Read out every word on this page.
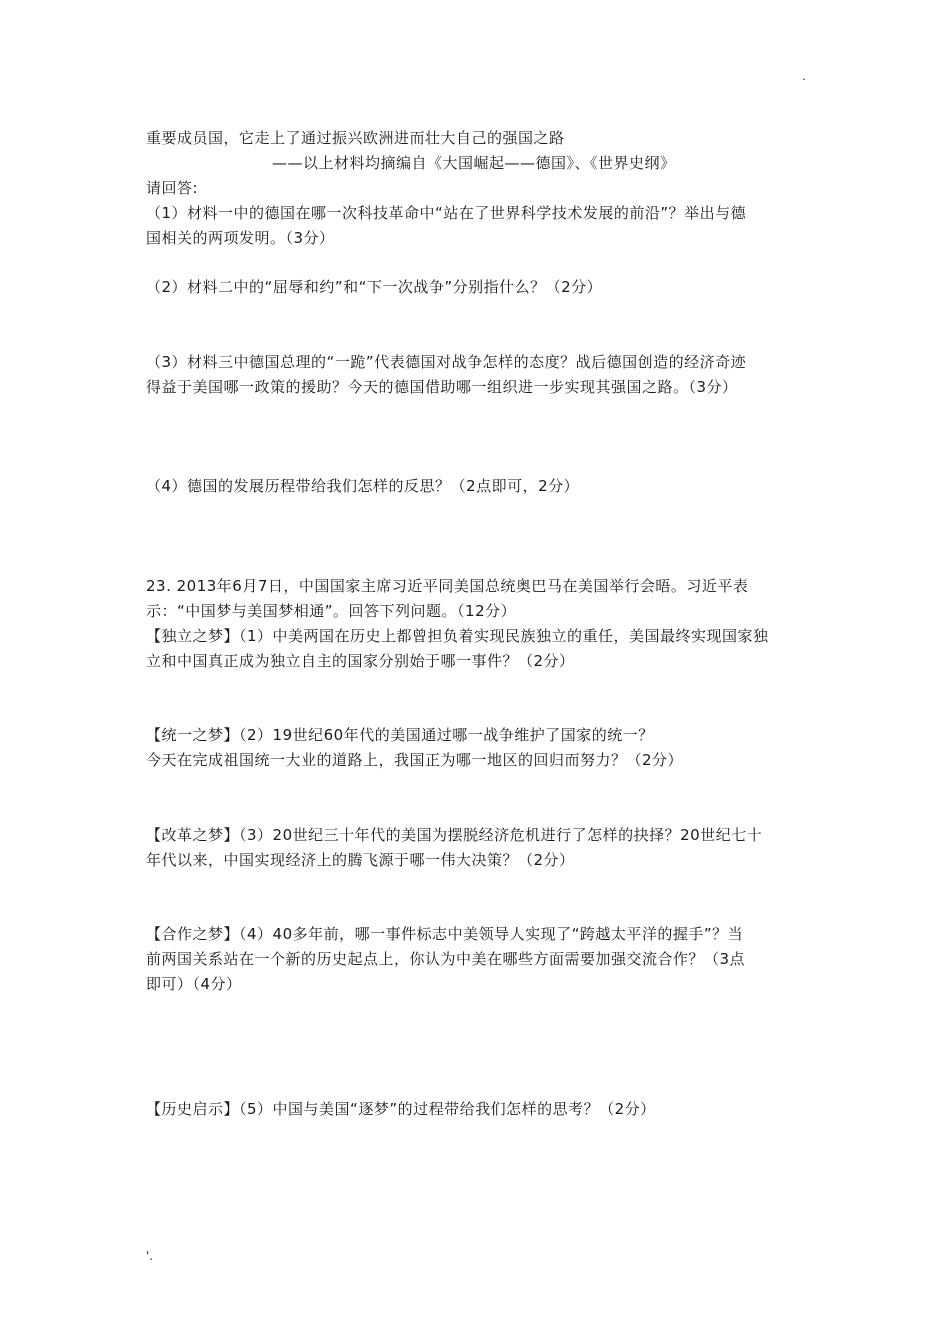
.
重要成员国，它走上了通过振兴欧洲进而壮大自己的强国之路
——以上材料均摘编自《大国崛起——德国》、《世界史纲》
请回答:
（1）材料一中的德国在哪一次科技革命中“站在了世界科学技术发展的前沿”？举出与德
国相关的两项发明。（3分）
（2）材料二中的“屈辱和约”和“下一次战争”分别指什么？（2分）
（3）材料三中德国总理的“一跪”代表德国对战争怎样的态度？战后德国创造的经济奇迹
得益于美国哪一政策的援助？今天的德国借助哪一组织进一步实现其强国之路。（3分）
（4）德国的发展历程带给我们怎样的反思？（2点即可，2分）
23. 2013年6月7日，中国国家主席习近平同美国总统奥巴马在美国举行会晤。习近平表
示：“中国梦与美国梦相通”。回答下列问题。（12分）
【独立之梦】（1）中美两国在历史上都曾担负着实现民族独立的重任，美国最终实现国家独
立和中国真正成为独立自主的国家分别始于哪一事件？（2分）
【统一之梦】（2）19世纪60年代的美国通过哪一战争维护了国家的统一？
今天在完成祖国统一大业的道路上，我国正为哪一地区的回归而努力？（2分）
【改革之梦】（3）20世纪三十年代的美国为摆脱经济危机进行了怎样的抉择？20世纪七十
年代以来，中国实现经济上的腾飞源于哪一伟大决策？（2分）
【合作之梦】（4）40多年前，哪一事件标志中美领导人实现了“跨越太平洋的握手”？当
前两国关系站在一个新的历史起点上，你认为中美在哪些方面需要加强交流合作？（3点
即可）（4分）
【历史启示】（5）中国与美国“逐梦”的过程带给我们怎样的思考？（2分）
'.
